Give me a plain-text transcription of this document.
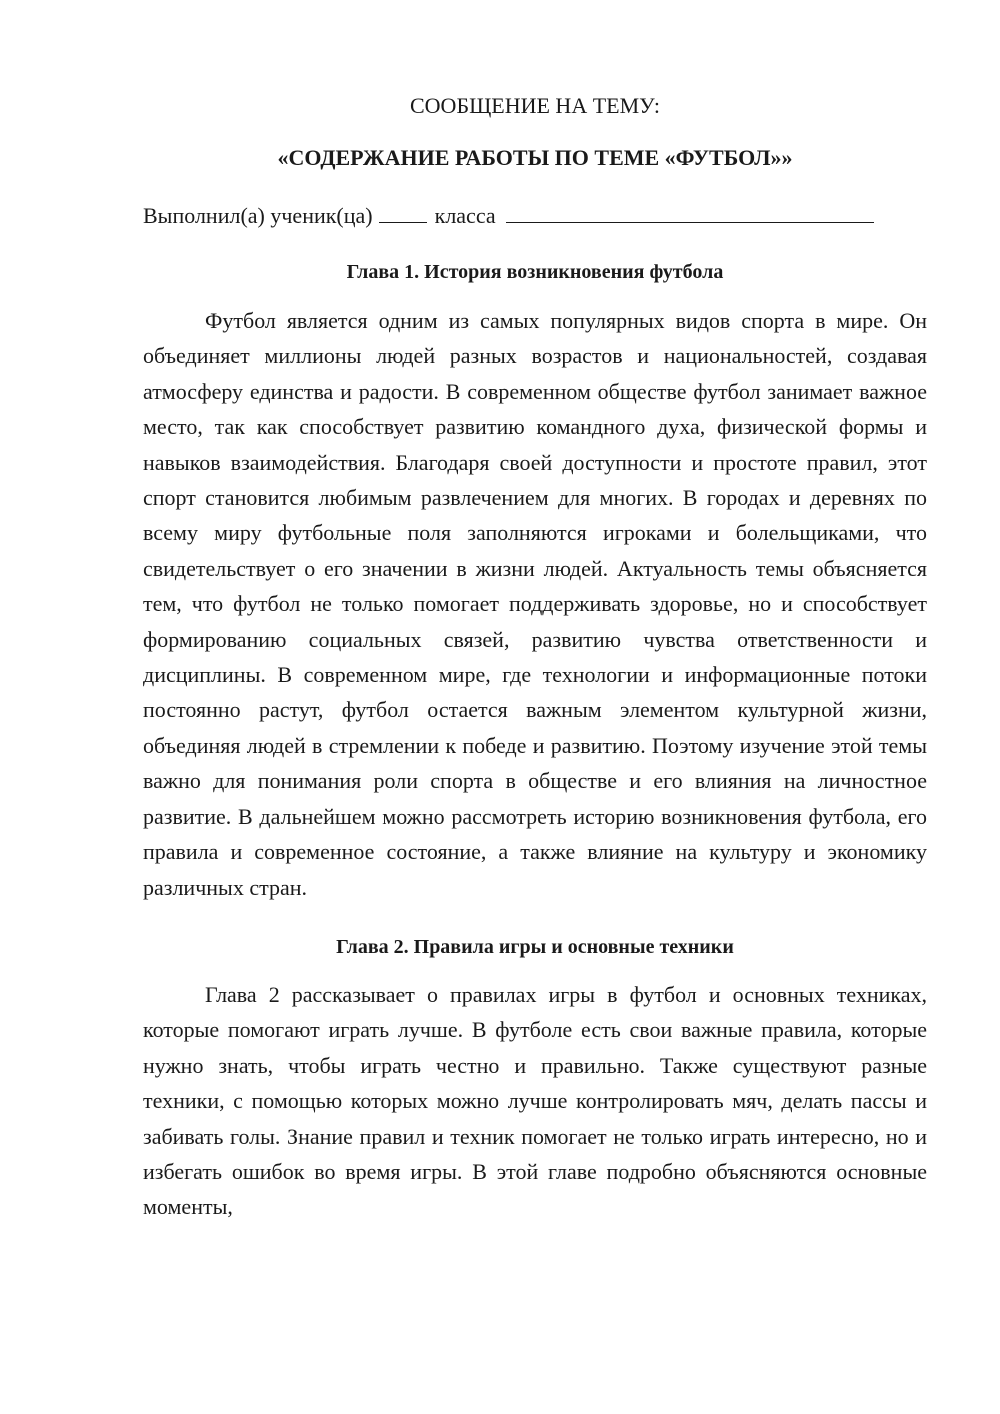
СООБЩЕНИЕ НА ТЕМУ:

«СОДЕРЖАНИЕ РАБОТЫ ПО ТЕМЕ «ФУТБОЛ»»

Выполнил(а) ученик(ца)	класса
Глава 1. История возникновения футбола

Футбол является одним из самых популярных видов спорта в мире. Он объединяет миллионы людей разных возрастов и национальностей, создавая атмосферу единства и радости. В современном обществе футбол занимает важное место, так как способствует развитию командного духа, физической формы и навыков взаимодействия. Благодаря своей доступности и простоте правил, этот спорт становится любимым развлечением для многих. В городах и деревнях по всему миру футбольные поля заполняются игроками и болельщиками, что свидетельствует о его значении в жизни людей. Актуальность темы объясняется тем, что футбол не только помогает поддерживать здоровье, но и способствует формированию социальных связей, развитию чувства ответственности и дисциплины. В современном мире, где технологии и информационные потоки постоянно растут, футбол остается важным элементом культурной жизни, объединяя людей в стремлении к победе и развитию. Поэтому изучение этой темы важно для понимания роли спорта в обществе и его влияния на личностное развитие. В дальнейшем можно рассмотреть историю возникновения футбола, его правила и современное состояние, а также влияние на культуру и экономику различных стран.

Глава 2. Правила игры и основные техники

Глава 2 рассказывает о правилах игры в футбол и основных техниках, которые помогают играть лучше. В футболе есть свои важные правила, которые нужно знать, чтобы играть честно и правильно. Также существуют разные техники, с помощью которых можно лучше контролировать мяч, делать пассы и забивать голы. Знание правил и техник помогает не только играть интересно, но и избегать ошибок во время игры. В этой главе подробно объясняются основные моменты,
